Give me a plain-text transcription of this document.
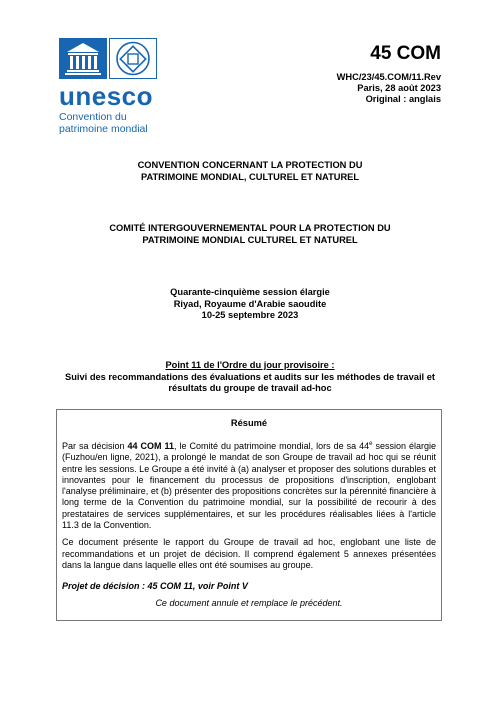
unesco
Convention du
patrimoine mondial
45 COM
WHC/23/45.COM/11.Rev
Paris, 28 août 2023
Original : anglais
CONVENTION CONCERNANT LA PROTECTION DU
PATRIMOINE MONDIAL, CULTUREL ET NATUREL
COMITÉ INTERGOUVERNEMENTAL POUR LA PROTECTION DU
PATRIMOINE MONDIAL CULTUREL ET NATUREL
Quarante-cinquième session élargie
Riyad, Royaume d'Arabie saoudite
10-25 septembre 2023
Point 11 de l'Ordre du jour provisoire :
Suivi des recommandations des évaluations et audits sur les méthodes de travail et
résultats du groupe de travail ad-hoc
Résumé

Par sa décision 44 COM 11, le Comité du patrimoine mondial, lors de sa 44e session élargie (Fuzhou/en ligne, 2021), a prolongé le mandat de son Groupe de travail ad hoc qui se réunit entre les sessions. Le Groupe a été invité à (a) analyser et proposer des solutions durables et innovantes pour le financement du processus de propositions d'inscription, englobant l'analyse préliminaire, et (b) présenter des propositions concrètes sur la pérennité financière à long terme de la Convention du patrimoine mondial, sur la possibilité de recourir à des prestataires de services supplémentaires, et sur les procédures réalisables liées à l'article 11.3 de la Convention.

Ce document présente le rapport du Groupe de travail ad hoc, englobant une liste de recommandations et un projet de décision. Il comprend également 5 annexes présentées dans la langue dans laquelle elles ont été soumises au groupe.

Projet de décision : 45 COM 11, voir Point V
Ce document annule et remplace le précédent.
